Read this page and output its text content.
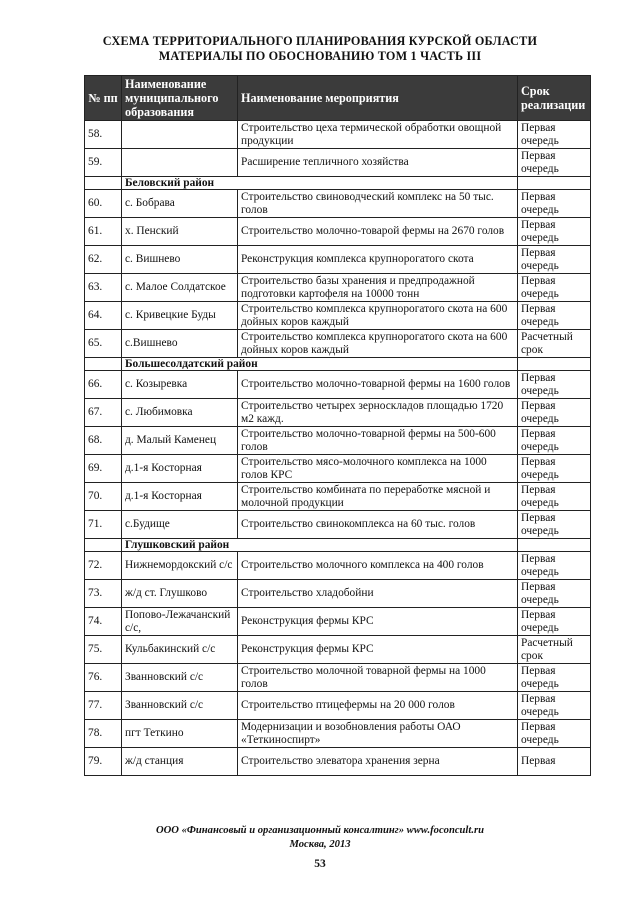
СХЕМА ТЕРРИТОРИАЛЬНОГО ПЛАНИРОВАНИЯ КУРСКОЙ ОБЛАСТИ
МАТЕРИАЛЫ ПО ОБОСНОВАНИЮ ТОМ 1 ЧАСТЬ III
№ пп	Наименование муниципального образования	Наименование мероприятия	Срок реализации
58.		Строительство цеха термической обработки овощной продукции	Первая очередь
59.		Расширение тепличного хозяйства	Первая очередь
	Беловский район		
60.	с. Бобрава	Строительство свиноводческий комплекс на 50 тыс. голов	Первая очередь
61.	х. Пенский	Строительство молочно-товарой фермы на 2670 голов	Первая очередь
62.	с. Вишнево	Реконструкция комплекса крупнорогатого скота	Первая очередь
63.	с. Малое Солдатское	Строительство базы хранения и предпродажной подготовки картофеля на 10000 тонн	Первая очередь
64.	с. Кривецкие Буды	Строительство комплекса крупнорогатого скота на 600 дойных коров каждый	Первая очередь
65.	с.Вишнево	Строительство комплекса крупнорогатого скота на 600 дойных коров каждый	Расчетный срок
	Большесолдатский район		
66.	с. Козыревка	Строительство молочно-товарной фермы на 1600 голов	Первая очередь
67.	с. Любимовка	Строительство четырех зерноскладов площадью 1720 м2 кажд.	Первая очередь
68.	д. Малый Каменец	Строительство молочно-товарной фермы на 500-600 голов	Первая очередь
69.	д.1-я Косторная	Строительство мясо-молочного комплекса на 1000 голов КРС	Первая очередь
70.	д.1-я Косторная	Строительство комбината по переработке мясной и молочной продукции	Первая очередь
71.	с.Будище	Строительство свинокомплекса на 60 тыс. голов	Первая очередь
	Глушковский район		
72.	Нижнемордокский с/с	Строительство молочного комплекса на 400 голов	Первая очередь
73.	ж/д ст. Глушково	Строительство хладобойни	Первая очередь
74.	Попово-Лежачанский с/с,	Реконструкция фермы КРС	Первая очередь
75.	Кульбакинский с/с	Реконструкция фермы КРС	Расчетный срок
76.	Званновский с/с	Строительство молочной товарной фермы на 1000 голов	Первая очередь
77.	Званновский с/с	Строительство птицефермы на 20 000 голов	Первая очередь
78.	пгт Теткино	Модернизации и возобновления работы ОАО «Теткиноспирт»	Первая очередь
79.	ж/д станция	Строительство элеватора хранения зерна	Первая
ООО «Финансовый и организационный консалтинг» www.foconcult.ru
Москва, 2013
53
